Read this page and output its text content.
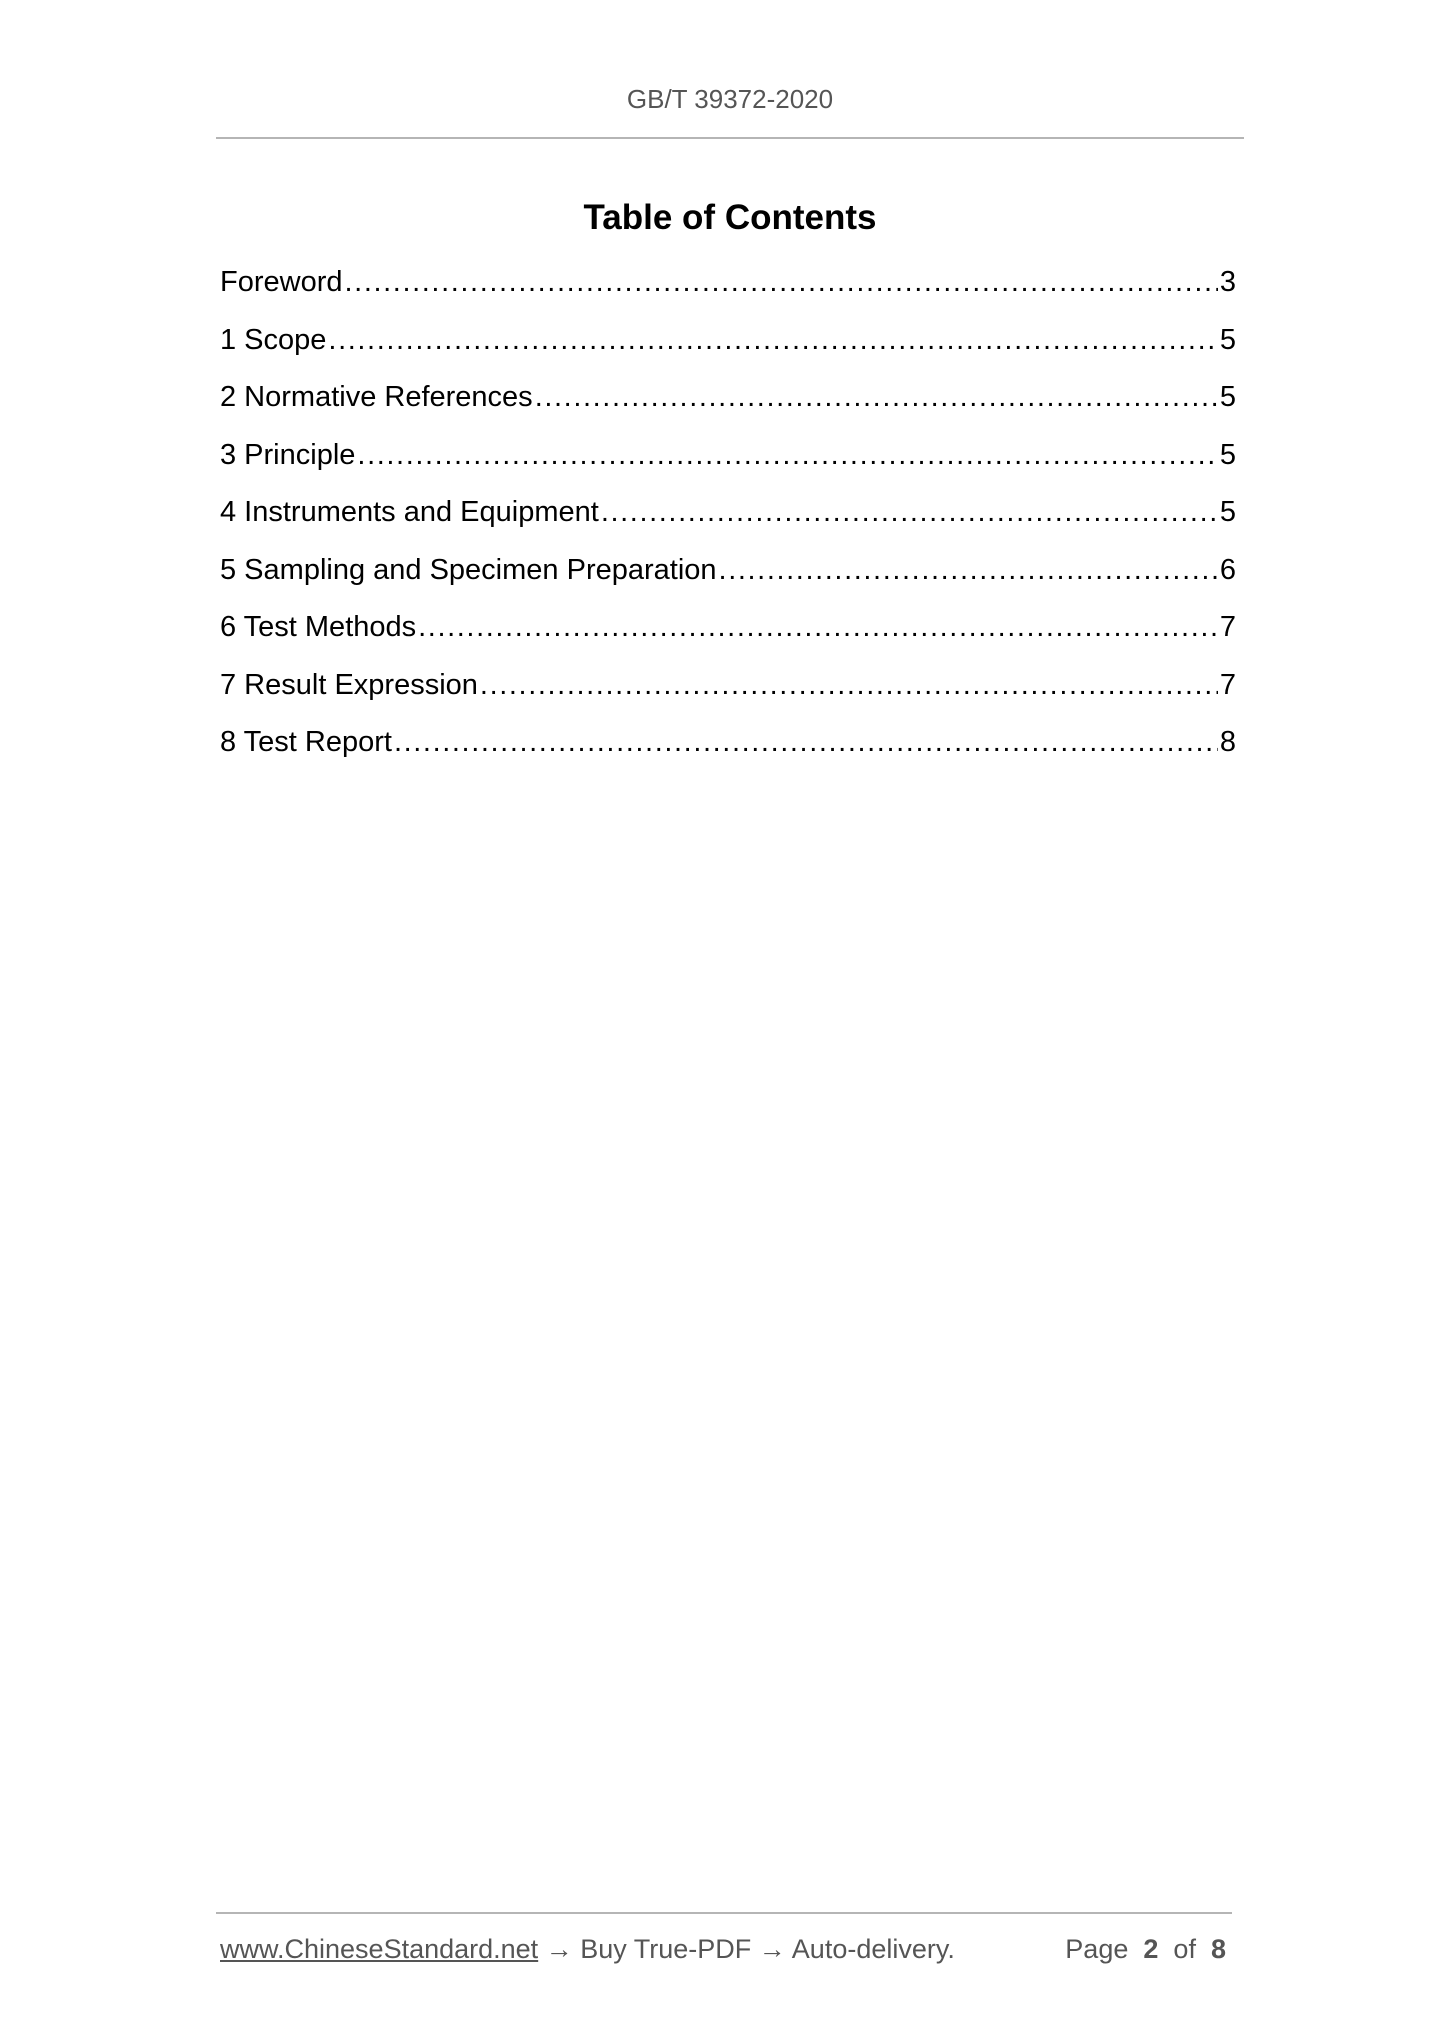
GB/T 39372-2020
Table of Contents
Foreword .....	3
1 Scope .....	5
2 Normative References .....	5
3 Principle .....	5
4 Instruments and Equipment .....	5
5 Sampling and Specimen Preparation .....	6
6 Test Methods .....	7
7 Result Expression .....	7
8 Test Report .....	8
www.ChineseStandard.net → Buy True-PDF → Auto-delivery.	Page 2 of 8
